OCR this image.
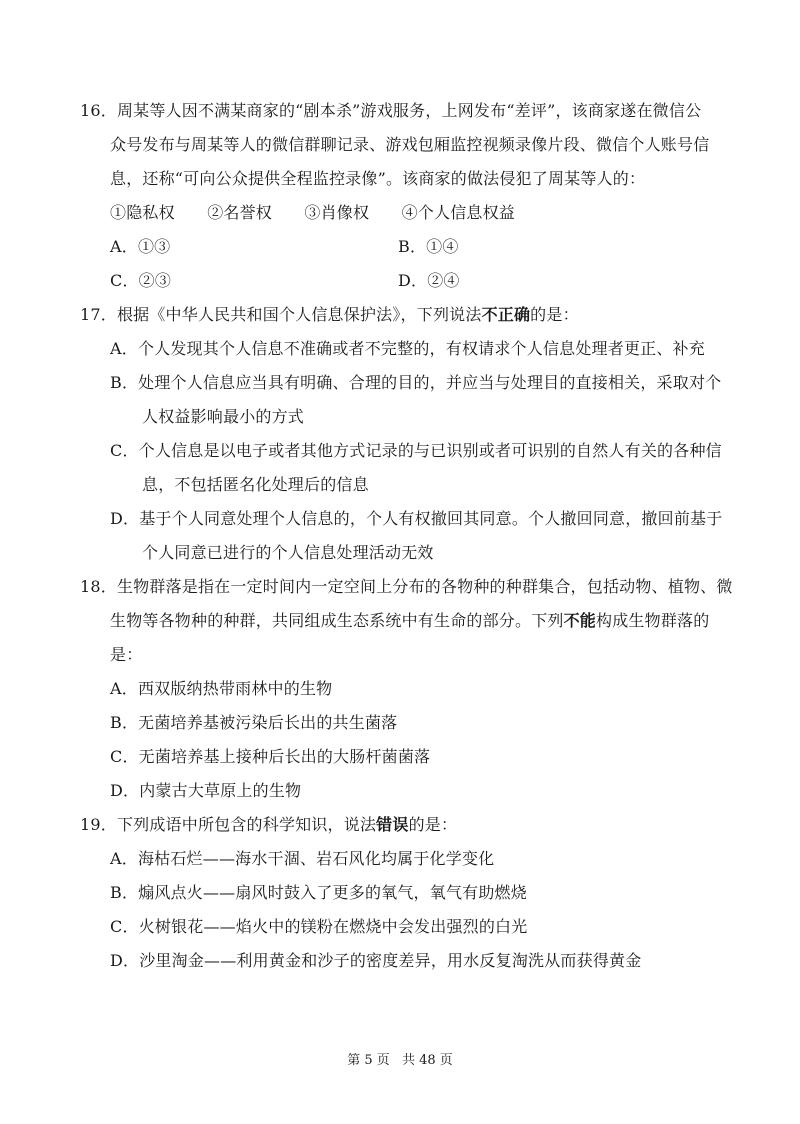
16．周某等人因不满某商家的“剧本杀”游戏服务，上网发布“差评”，该商家遂在微信公
众号发布与周某等人的微信群聊记录、游戏包厢监控视频录像片段、微信个人账号信
息，还称“可向公众提供全程监控录像”。该商家的做法侵犯了周某等人的：
①隐私权　　②名誉权　　③肖像权　　④个人信息权益
A．①③	B．①④
C．②③	D．②④
17．根据《中华人民共和国个人信息保护法》，下列说法不正确的是：
A．个人发现其个人信息不准确或者不完整的，有权请求个人信息处理者更正、补充
B．处理个人信息应当具有明确、合理的目的，并应当与处理目的直接相关，采取对个
人权益影响最小的方式
C．个人信息是以电子或者其他方式记录的与已识别或者可识别的自然人有关的各种信
息，不包括匿名化处理后的信息
D．基于个人同意处理个人信息的，个人有权撤回其同意。个人撤回同意，撤回前基于
个人同意已进行的个人信息处理活动无效
18．生物群落是指在一定时间内一定空间上分布的各物种的种群集合，包括动物、植物、微
生物等各物种的种群，共同组成生态系统中有生命的部分。下列不能构成生物群落的
是：
A．西双版纳热带雨林中的生物
B．无菌培养基被污染后长出的共生菌落
C．无菌培养基上接种后长出的大肠杆菌菌落
D．内蒙古大草原上的生物
19．下列成语中所包含的科学知识，说法错误的是：
A．海枯石烂——海水干涸、岩石风化均属于化学变化
B．煽风点火——扇风时鼓入了更多的氧气，氧气有助燃烧
C．火树银花——焰火中的镁粉在燃烧中会发出强烈的白光
D．沙里淘金——利用黄金和沙子的密度差异，用水反复淘洗从而获得黄金
第 5 页 共 48 页
